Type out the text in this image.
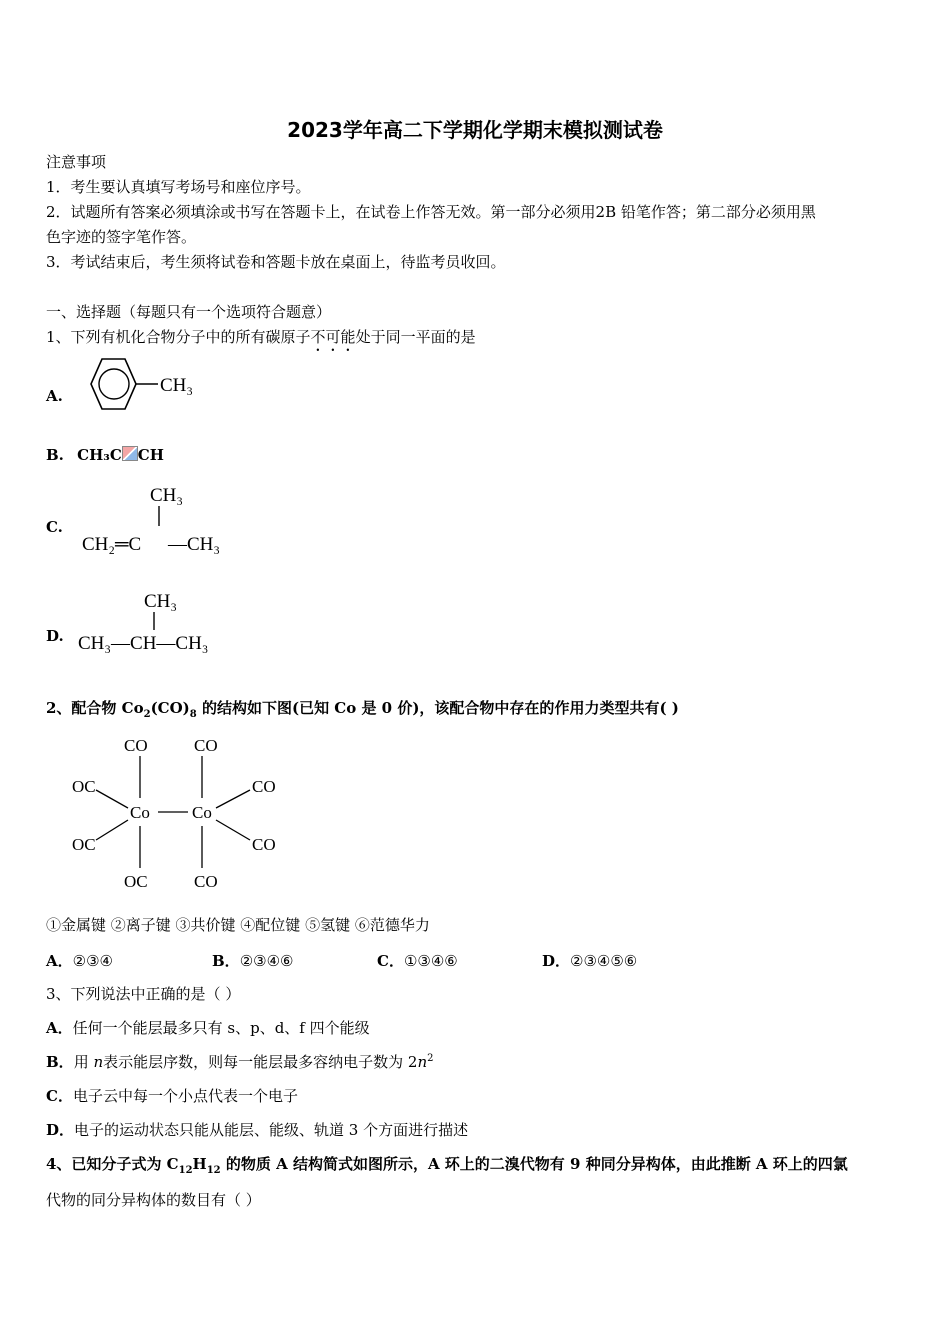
2023学年高二下学期化学期末模拟测试卷
注意事项
1．考生要认真填写考场号和座位序号。
2．试题所有答案必须填涂或书写在答题卡上，在试卷上作答无效。第一部分必须用2B 铅笔作答；第二部分必须用黑
色字迹的签字笔作答。
3．考试结束后，考生须将试卷和答题卡放在桌面上，待监考员收回。
一、选择题（每题只有一个选项符合题意）
1、下列有机化合物分子中的所有碳原子不可能处于同一平面的是
A.	CH₃
B. CH₃C CH
C.
CH₃
CH₂═C —CH₃
D.
CH₃
CH₃—CH—CH₃
2、配合物 $Co_2(CO)_8$ 的结构如下图(已知 Co 是 0 价)，该配合物中存在的作用力类型共有( )
CO	CO
OC	CO
Co Co
OC	CO
OC	CO
①金属键 ②离子键 ③共价键 ④配位键 ⑤氢键 ⑥范德华力
A．②③④	B．②③④⑥	C．①③④⑥	D．②③④⑤⑥
3、下列说法中正确的是（ ）
A．任何一个能层最多只有 s、p、d、f 四个能级
B．用 n表示能层序数，则每一能层最多容纳电子数为 $2n^2$
C．电子云中每一个小点代表一个电子
D．电子的运动状态只能从能层、能级、轨道 3 个方面进行描述
4、已知分子式为 $C_{12}H_{12}$ 的物质 A 结构简式如图所示，A 环上的二溴代物有 9 种同分异构体，由此推断 A 环上的四氯
代物的同分异构体的数目有（ ）
